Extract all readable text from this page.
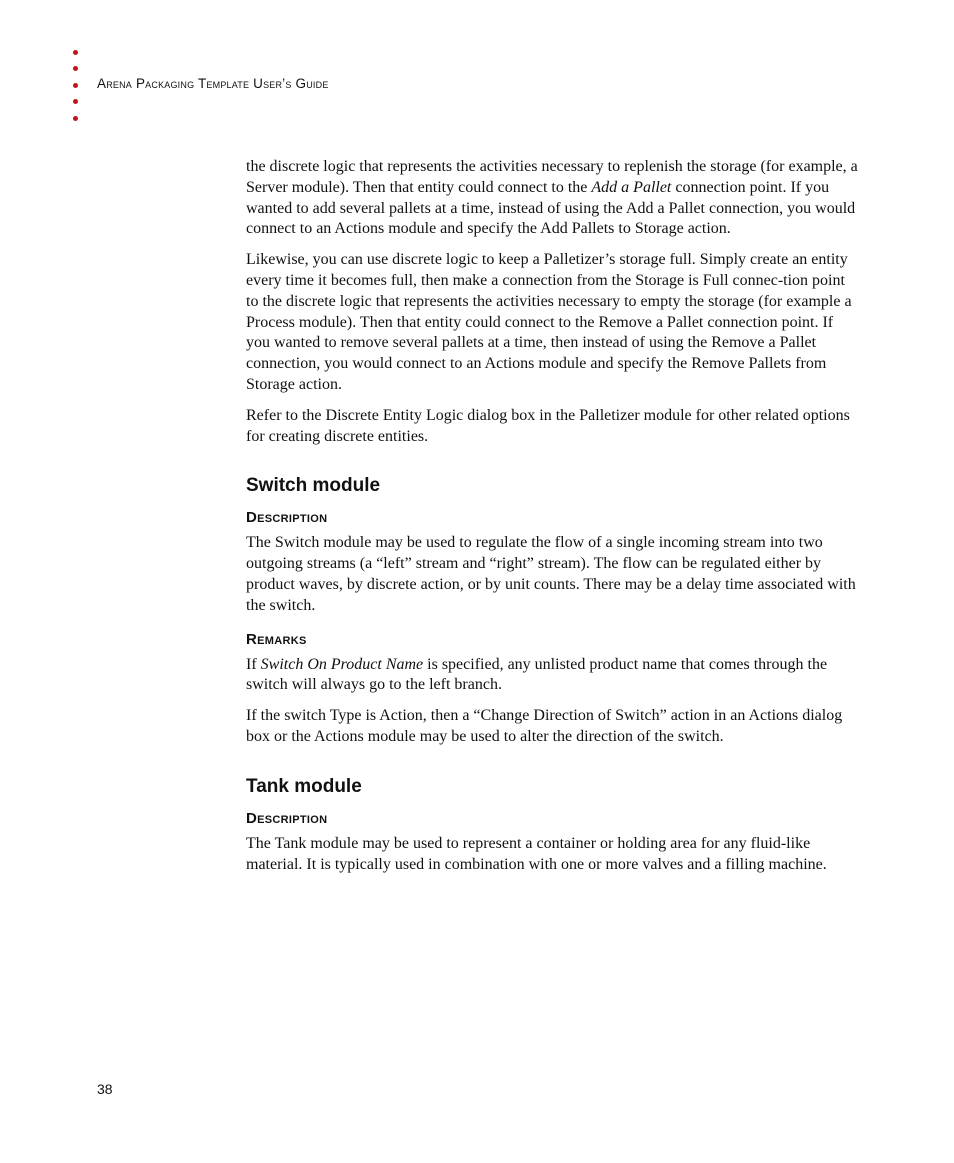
Arena Packaging Template User’s Guide

the discrete logic that represents the activities necessary to replenish the storage (for example, a Server module). Then that entity could connect to the Add a Pallet connection point. If you wanted to add several pallets at a time, instead of using the Add a Pallet connection, you would connect to an Actions module and specify the Add Pallets to Storage action.

Likewise, you can use discrete logic to keep a Palletizer’s storage full. Simply create an entity every time it becomes full, then make a connection from the Storage is Full connec-tion point to the discrete logic that represents the activities necessary to empty the storage (for example a Process module). Then that entity could connect to the Remove a Pallet connection point. If you wanted to remove several pallets at a time, then instead of using the Remove a Pallet connection, you would connect to an Actions module and specify the Remove Pallets from Storage action.

Refer to the Discrete Entity Logic dialog box in the Palletizer module for other related options for creating discrete entities.

Switch module
Description

The Switch module may be used to regulate the flow of a single incoming stream into two outgoing streams (a “left” stream and “right” stream). The flow can be regulated either by product waves, by discrete action, or by unit counts. There may be a delay time associated with the switch.

Remarks

If Switch On Product Name is specified, any unlisted product name that comes through the switch will always go to the left branch.

If the switch Type is Action, then a “Change Direction of Switch” action in an Actions dialog box or the Actions module may be used to alter the direction of the switch.

Tank module
Description

The Tank module may be used to represent a container or holding area for any fluid-like material. It is typically used in combination with one or more valves and a filling machine.

38
